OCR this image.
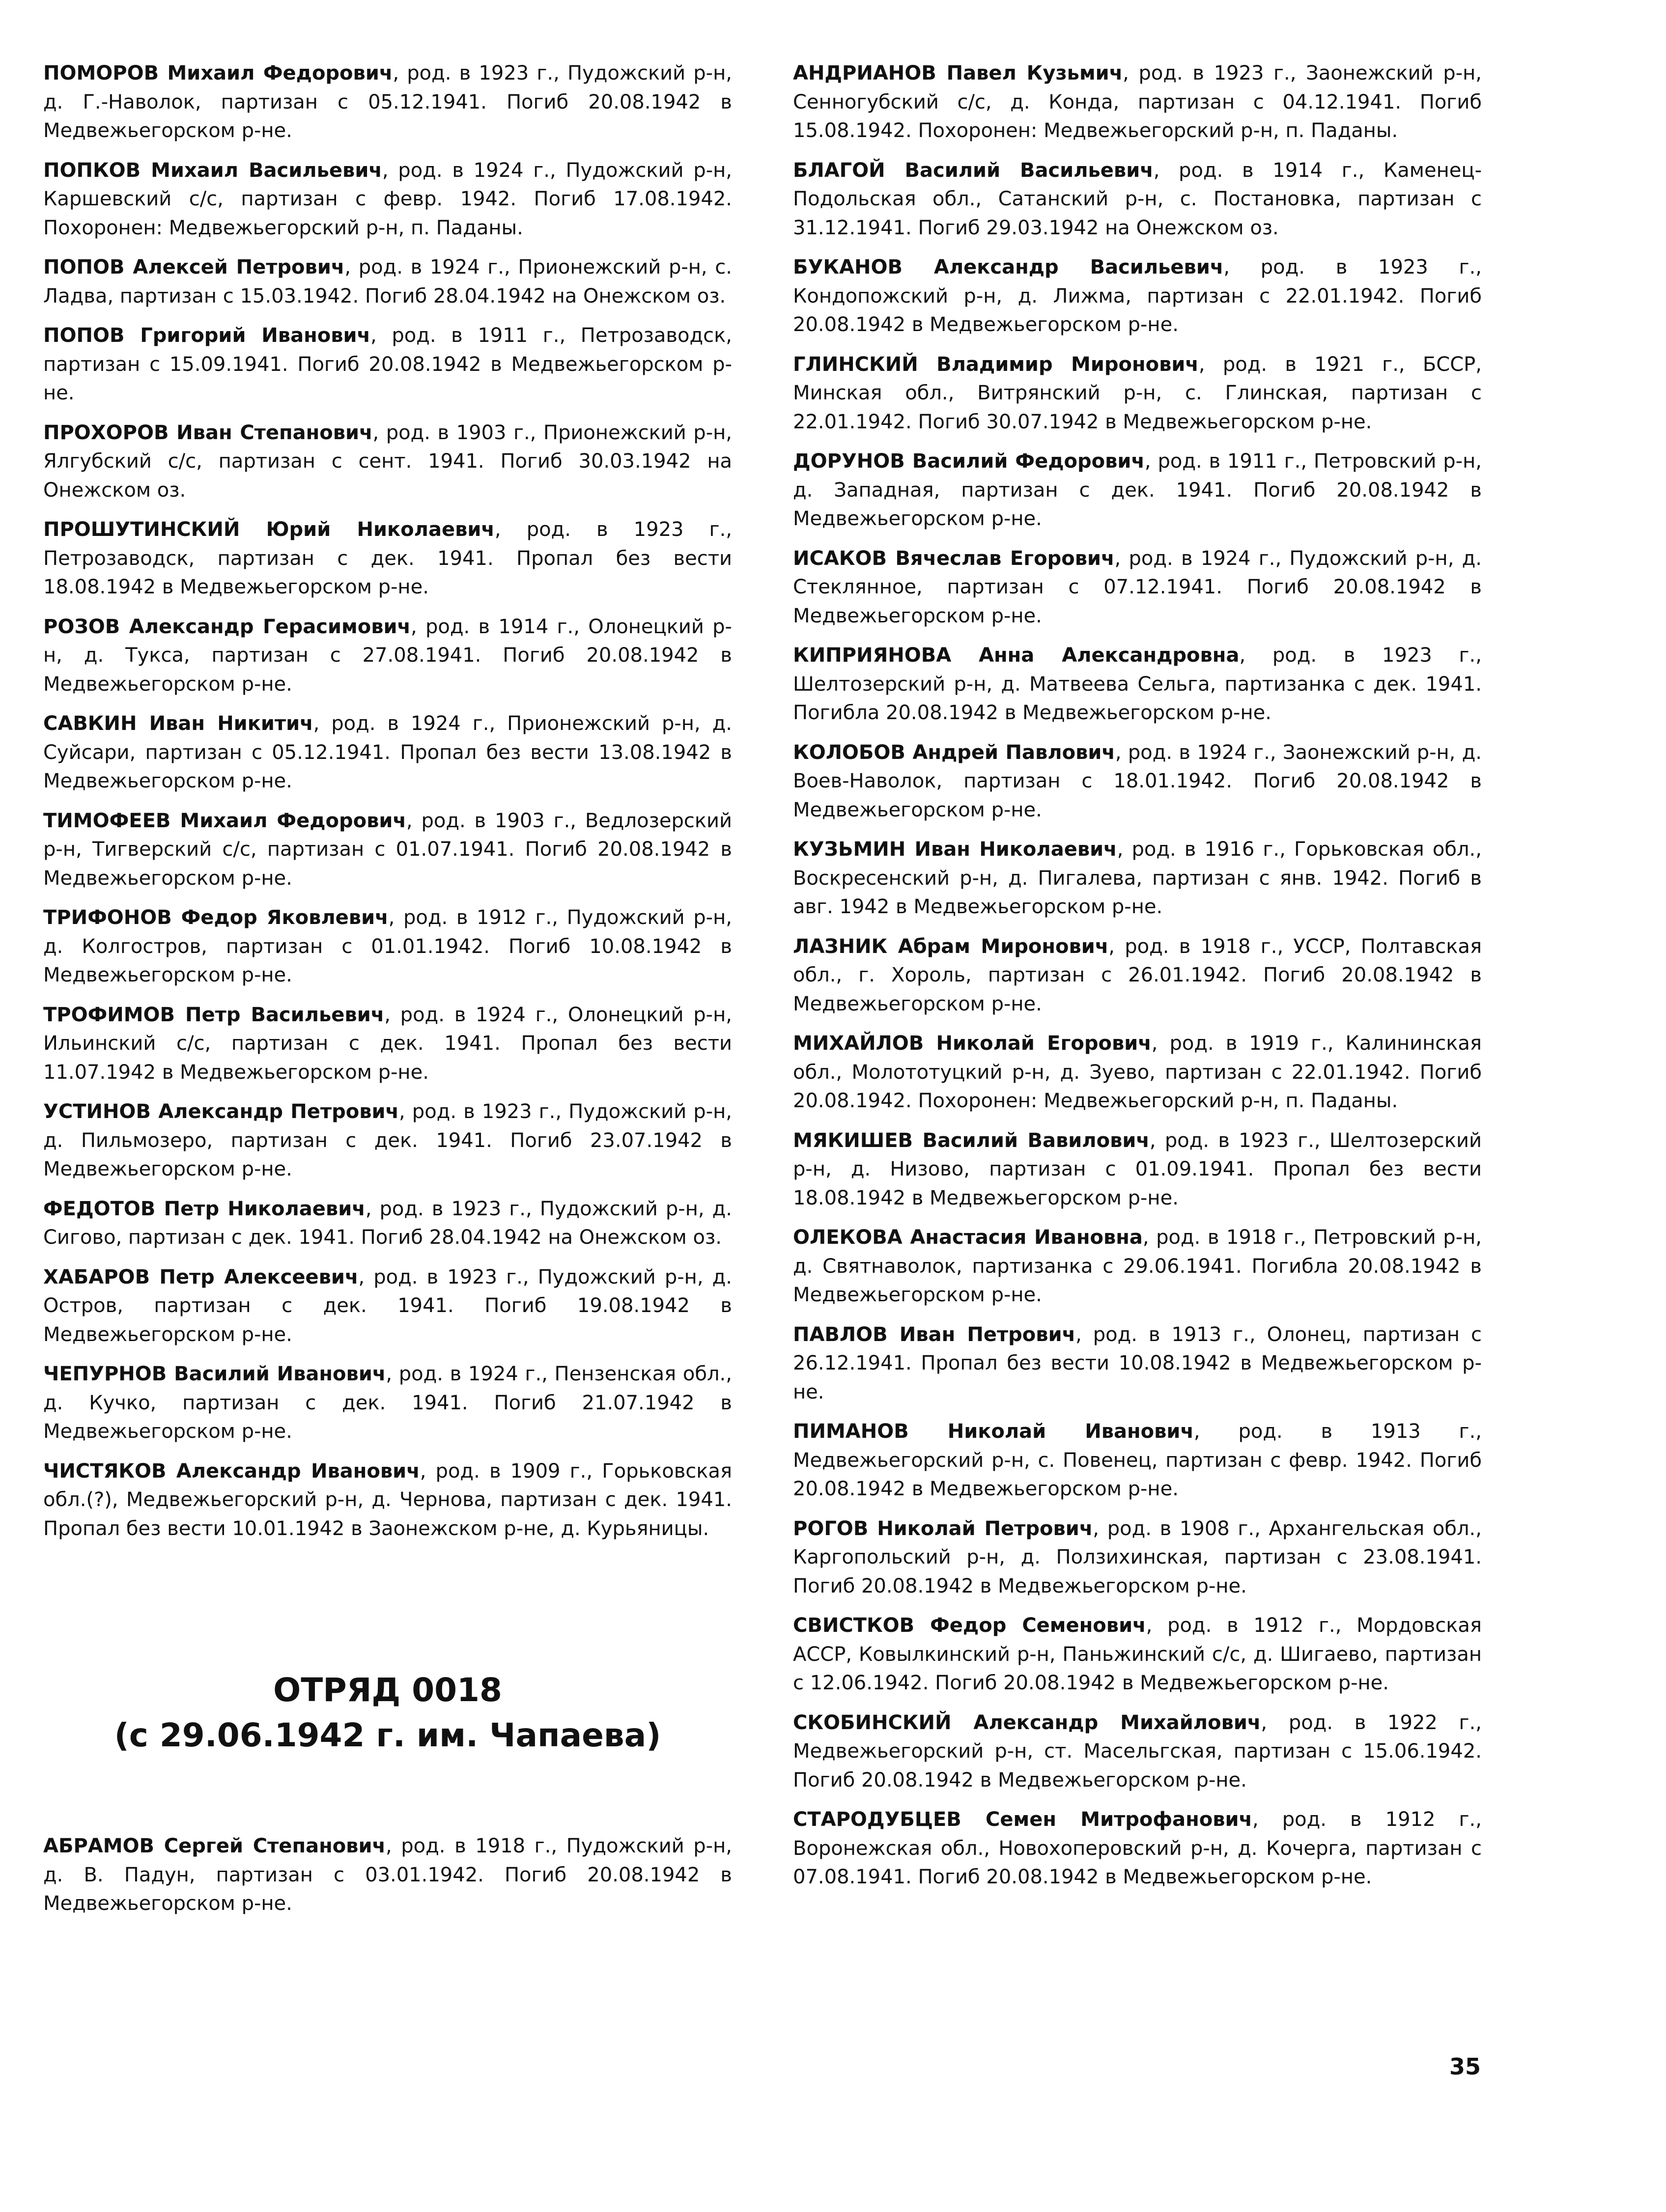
ПОМОРОВ Михаил Федорович, род. в 1923 г., Пудожский р-н, д. Г.-Наволок, партизан с 05.12.1941. Погиб 20.08.1942 в Медвежьегорском р-не.

ПОПКОВ Михаил Васильевич, род. в 1924 г., Пудожский р-н, Каршевский с/с, партизан с февр. 1942. Погиб 17.08.1942. Похоронен: Медвежьегорский р-н, п. Паданы.

ПОПОВ Алексей Петрович, род. в 1924 г., Прионежский р-н, с. Ладва, партизан с 15.03.1942. Погиб 28.04.1942 на Онежском оз.

ПОПОВ Григорий Иванович, род. в 1911 г., Петрозаводск, партизан с 15.09.1941. Погиб 20.08.1942 в Медвежьегорском р-не.

ПРОХОРОВ Иван Степанович, род. в 1903 г., Прионежский р-н, Ялгубский с/с, партизан с сент. 1941. Погиб 30.03.1942 на Онежском оз.

ПРОШУТИНСКИЙ Юрий Николаевич, род. в 1923 г., Петрозаводск, партизан с дек. 1941. Пропал без вести 18.08.1942 в Медвежьегорском р-не.

РОЗОВ Александр Герасимович, род. в 1914 г., Олонецкий р-н, д. Тукса, партизан с 27.08.1941. Погиб 20.08.1942 в Медвежьегорском р-не.

САВКИН Иван Никитич, род. в 1924 г., Прионежский р-н, д. Суйсари, партизан с 05.12.1941. Пропал без вести 13.08.1942 в Медвежьегорском р-не.

ТИМОФЕЕВ Михаил Федорович, род. в 1903 г., Ведлозерский р-н, Тигверский с/с, партизан с 01.07.1941. Погиб 20.08.1942 в Медвежьегорском р-не.

ТРИФОНОВ Федор Яковлевич, род. в 1912 г., Пудожский р-н, д. Колгостров, партизан с 01.01.1942. Погиб 10.08.1942 в Медвежьегорском р-не.

ТРОФИМОВ Петр Васильевич, род. в 1924 г., Олонецкий р-н, Ильинский с/с, партизан с дек. 1941. Пропал без вести 11.07.1942 в Медвежьегорском р-не.

УСТИНОВ Александр Петрович, род. в 1923 г., Пудожский р-н, д. Пильмозеро, партизан с дек. 1941. Погиб 23.07.1942 в Медвежьегорском р-не.

ФЕДОТОВ Петр Николаевич, род. в 1923 г., Пудожский р-н, д. Сигово, партизан с дек. 1941. Погиб 28.04.1942 на Онежском оз.

ХАБАРОВ Петр Алексеевич, род. в 1923 г., Пудожский р-н, д. Остров, партизан с дек. 1941. Погиб 19.08.1942 в Медвежьегорском р-не.

ЧЕПУРНОВ Василий Иванович, род. в 1924 г., Пензенская обл., д. Кучко, партизан с дек. 1941. Погиб 21.07.1942 в Медвежьегорском р-не.

ЧИСТЯКОВ Александр Иванович, род. в 1909 г., Горьковская обл.(?), Медвежьегорский р-н, д. Чернова, партизан с дек. 1941. Пропал без вести 10.01.1942 в Заонежском р-не, д. Курьяницы.

ОТРЯД 0018
(с 29.06.1942 г. им. Чапаева)

АБРАМОВ Сергей Степанович, род. в 1918 г., Пудожский р-н, д. В. Падун, партизан с 03.01.1942. Погиб 20.08.1942 в Медвежьегорском р-не.

АНДРИАНОВ Павел Кузьмич, род. в 1923 г., Заонежский р-н, Сенногубский с/с, д. Конда, партизан с 04.12.1941. Погиб 15.08.1942. Похоронен: Медвежьегорский р-н, п. Паданы.

БЛАГОЙ Василий Васильевич, род. в 1914 г., Каменец-Подольская обл., Сатанский р-н, с. Постановка, партизан с 31.12.1941. Погиб 29.03.1942 на Онежском оз.

БУКАНОВ Александр Васильевич, род. в 1923 г., Кондопожский р-н, д. Лижма, партизан с 22.01.1942. Погиб 20.08.1942 в Медвежьегорском р-не.

ГЛИНСКИЙ Владимир Миронович, род. в 1921 г., БССР, Минская обл., Витрянский р-н, с. Глинская, партизан с 22.01.1942. Погиб 30.07.1942 в Медвежьегорском р-не.

ДОРУНОВ Василий Федорович, род. в 1911 г., Петровский р-н, д. Западная, партизан с дек. 1941. Погиб 20.08.1942 в Медвежьегорском р-не.

ИСАКОВ Вячеслав Егорович, род. в 1924 г., Пудожский р-н, д. Стеклянное, партизан с 07.12.1941. Погиб 20.08.1942 в Медвежьегорском р-не.

КИПРИЯНОВА Анна Александровна, род. в 1923 г., Шелтозерский р-н, д. Матвеева Сельга, партизанка с дек. 1941. Погибла 20.08.1942 в Медвежьегорском р-не.

КОЛОБОВ Андрей Павлович, род. в 1924 г., Заонежский р-н, д. Воев-Наволок, партизан с 18.01.1942. Погиб 20.08.1942 в Медвежьегорском р-не.

КУЗЬМИН Иван Николаевич, род. в 1916 г., Горьковская обл., Воскресенский р-н, д. Пигалева, партизан с янв. 1942. Погиб в авг. 1942 в Медвежьегорском р-не.

ЛАЗНИК Абрам Миронович, род. в 1918 г., УССР, Полтавская обл., г. Хороль, партизан с 26.01.1942. Погиб 20.08.1942 в Медвежьегорском р-не.

МИХАЙЛОВ Николай Егорович, род. в 1919 г., Калининская обл., Молототуцкий р-н, д. Зуево, партизан с 22.01.1942. Погиб 20.08.1942. Похоронен: Медвежьегорский р-н, п. Паданы.

МЯКИШЕВ Василий Вавилович, род. в 1923 г., Шелтозерский р-н, д. Низово, партизан с 01.09.1941. Пропал без вести 18.08.1942 в Медвежьегорском р-не.

ОЛЕКОВА Анастасия Ивановна, род. в 1918 г., Петровский р-н, д. Святнаволок, партизанка с 29.06.1941. Погибла 20.08.1942 в Медвежьегорском р-не.

ПАВЛОВ Иван Петрович, род. в 1913 г., Олонец, партизан с 26.12.1941. Пропал без вести 10.08.1942 в Медвежьегорском р-не.

ПИМАНОВ Николай Иванович, род. в 1913 г., Медвежьегорский р-н, с. Повенец, партизан с февр. 1942. Погиб 20.08.1942 в Медвежьегорском р-не.

РОГОВ Николай Петрович, род. в 1908 г., Архангельская обл., Каргопольский р-н, д. Ползихинская, партизан с 23.08.1941. Погиб 20.08.1942 в Медвежьегорском р-не.

СВИСТКОВ Федор Семенович, род. в 1912 г., Мордовская АССР, Ковылкинский р-н, Паньжинский с/с, д. Шигаево, партизан с 12.06.1942. Погиб 20.08.1942 в Медвежьегорском р-не.

СКОБИНСКИЙ Александр Михайлович, род. в 1922 г., Медвежьегорский р-н, ст. Масельгская, партизан с 15.06.1942. Погиб 20.08.1942 в Медвежьегорском р-не.

СТАРОДУБЦЕВ Семен Митрофанович, род. в 1912 г., Воронежская обл., Новохоперовский р-н, д. Кочерга, партизан с 07.08.1941. Погиб 20.08.1942 в Медвежьегорском р-не.

35
